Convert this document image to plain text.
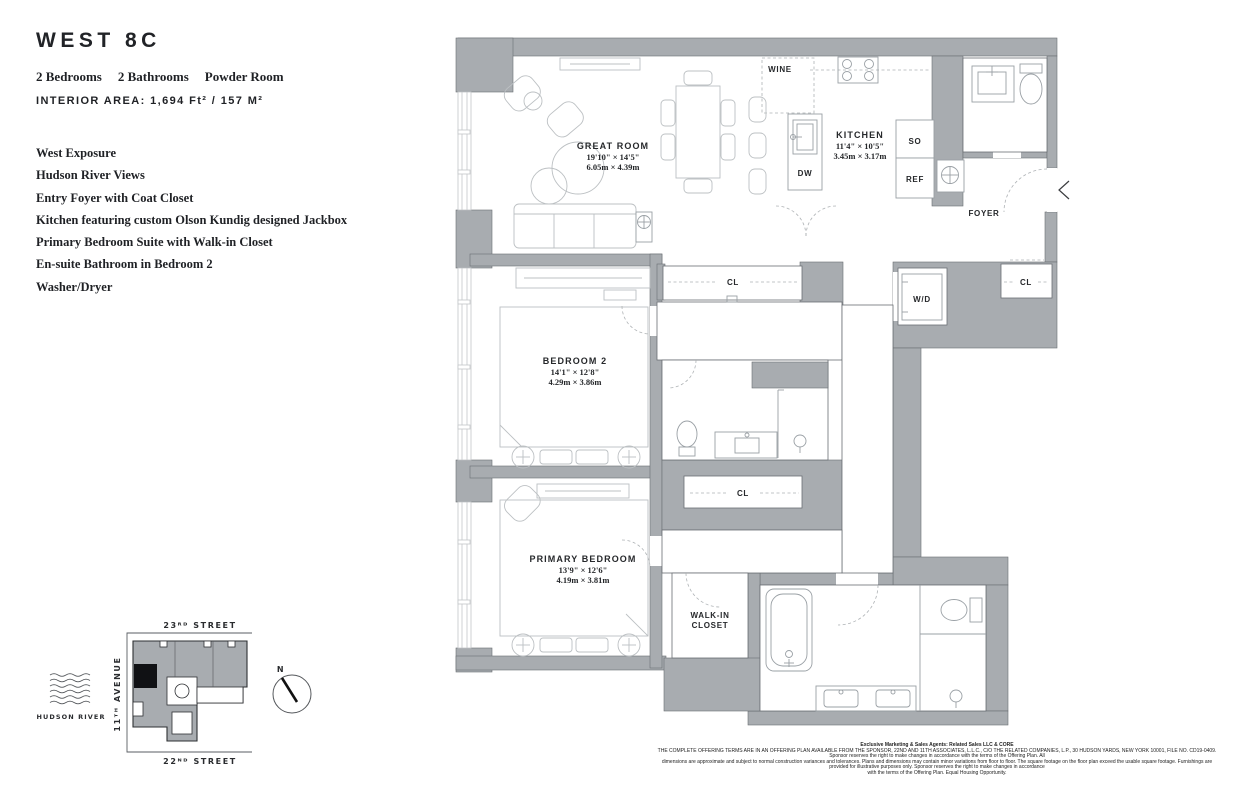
WEST 8C
2 Bedrooms 2 Bathrooms Powder Room
INTERIOR AREA: 1,694 Ft² / 157 M²
West Exposure
Hudson River Views
Entry Foyer with Coat Closet
Kitchen featuring custom Olson Kundig designed Jackbox
Primary Bedroom Suite with Walk-in Closet
En-suite Bathroom in Bedroom 2
Washer/Dryer
GREAT ROOM
19'10" × 14'5"
6.05m × 4.39m
KITCHEN
11'4" × 10'5"
3.45m × 3.17m
BEDROOM 2
14'1" × 12'8"
4.29m × 3.86m
PRIMARY BEDROOM
13'9" × 12'6"
4.19m × 3.81m
WALK-IN
CLOSET
FOYER
WINE
DW
SO
REF
W/D
CL
CL
CL
N
23ᴿᴰ STREET
22ᴺᴰ STREET
11ᵀᴴ AVENUE
HUDSON RIVER
Exclusive Marketing & Sales Agents: Related Sales LLC & CORE
THE COMPLETE OFFERING TERMS ARE IN AN OFFERING PLAN AVAILABLE FROM THE SPONSOR, 22ND AND 11TH ASSOCIATES, L.L.C., C/O THE RELATED COMPANIES, L.P., 30 HUDSON YARDS, NEW YORK 10001, FILE NO. CD19-0409. Sponsor reserves the right to make changes in accordance with the terms of the Offering Plan. All
dimensions are approximate and subject to normal construction variances and tolerances. Plans and dimensions may contain minor variations from floor to floor. The square footage on the floor plan exceed the usable square footage. Furnishings are provided for illustrative purposes only. Sponsor reserves the right to make changes in accordance
with the terms of the Offering Plan. Equal Housing Opportunity.
